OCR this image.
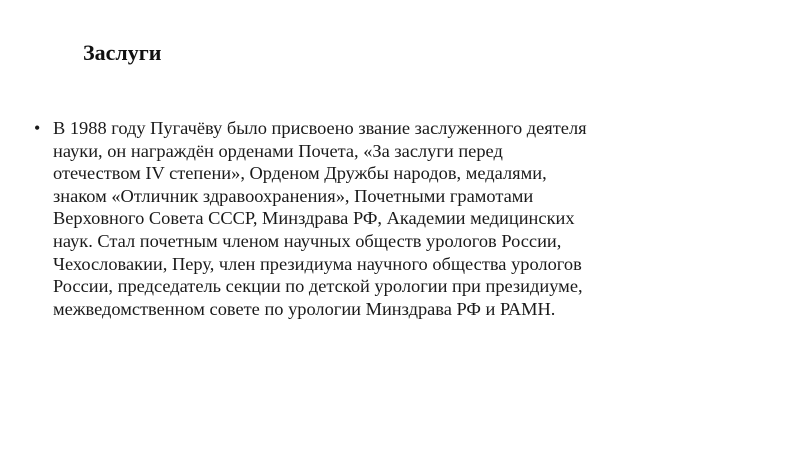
Заслуги
• В 1988 году Пугачёву было присвоено звание заслуженного деятеля
науки, он награждён орденами Почета, «За заслуги перед
отечеством IV степени», Орденом Дружбы народов, медалями,
знаком «Отличник здравоохранения», Почетными грамотами
Верховного Совета СССР, Минздрава РФ, Академии медицинских
наук. Стал почетным членом научных обществ урологов России,
Чехословакии, Перу, член президиума научного общества урологов
России, председатель секции по детской урологии при президиуме,
межведомственном совете по урологии Минздрава РФ и РАМН.
